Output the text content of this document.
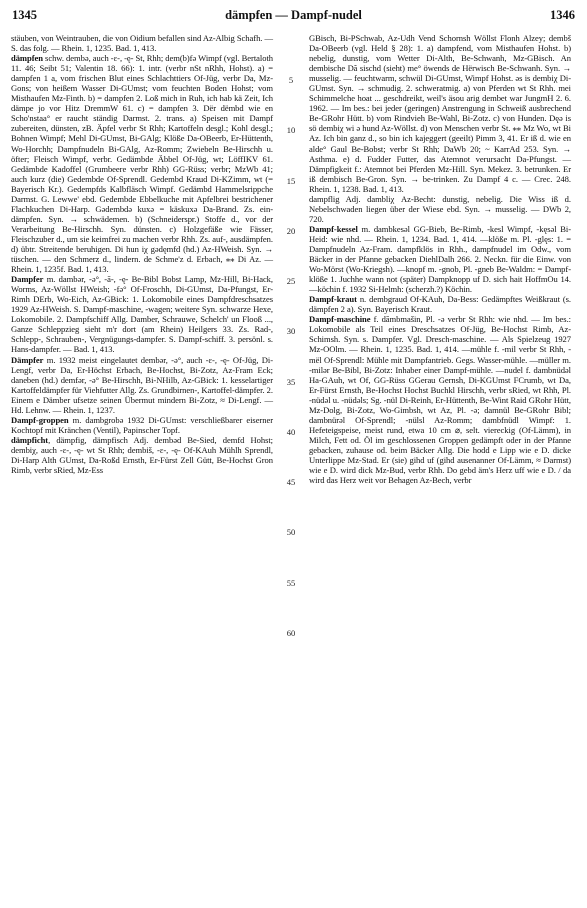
1345	dämpfen — Dampf-nudel	1346

stäuben, von Weintrauben, die von Oidium befallen sind Az-Albig Schafh. — S. das folg. — Rhein. 1, 1235. Bad. 1, 413.

dämpfen schw. dembə, auch -ɛ-, -ę- St, Rhh; dem(b)fə Wimpf (vgl. Bertaloth 11. 46; Seibt 51; Valentin 18. 66): 1. intr. (verbr nSt nRhh, Hohst). a) = dampfen 1 a, vom frischen Blut eines Schlachttiers Of-Jüg, verbr Da, Mz-Gons; von heißem Wasser Di-GUmst; vom feuchten Boden Hohst; vom Misthaufen Mz-Finth. b) = dampfen 2. Loß mich in Ruh, ich hab kä Zeit, Ich dämpe jo vor Hitz DremmW 61. c) = dampfen 3. Dër dëmbd wie en Scho'nstaa° er raucht ständig Darmst. 2. trans. a) Speisen mit Dampf zubereiten, dünsten, zB. Äpfel verbr St Rhh; Kartoffeln desgl.; Kohl desgl.; Bohnen Wimpf; Mehl Di-GUmst, Bi-GAlg; Klöße Da-OBeerb, Er-Hüttenth, Wo-Horchh; Dampfnudeln Bi-GAlg, Az-Romm; Zwiebeln Be-Hirschh u. öfter; Fleisch Wimpf, verbr. Gedämbde Äbbel Of-Jüg, wt; LöffIKV 61. Gedämbde Kadoffel (Grumbeere verbr Rhh) GG-Rüss; verbr; MzWb 41; auch kurz (die) Gedembde Of-Sprendl. Gedembd Kraud Di-KZimm, wt (= Bayerisch Kr.). Gedempfds Kalbfläsch Wimpf. Gedämbd Hammelsrippche Darmst. G. Lewwe' ebd. Gedembde Ebbelkuche mit Apfelbrei bestrichener Flachkuchen Di-Harp. Gədembdə kuxə = käskuxə Da-Brand. Zs. ein-dämpfen. Syn. → schwädemen. b) (Schneiderspr.) Stoffe d., vor der Verarbeitung Be-Hirschh. Syn. dünsten. c) Holzgefäße wie Fässer, Fleischzuber d., um sie keimfrei zu machen verbr Rhh. Zs. auf-, ausdämpfen. d) übtr. Streitende beruhigen. Di hun iχ gədęmfd (hd.) Az-HWeish. Syn. → tüschen. — den Schmerz d., lindern. de Schme'z d. Erbach, ⁎⁎ Di Az. — Rhein. 1, 1235f. Bad. 1, 413.

Dampfer m. dambər, -ə°, -ā-, -ę- Be-Bibl Bobst Lamp, Mz-Hill, Bi-Hack, Worms, Az-Wöllst HWeish; -fə° Of-Froschh, Di-GUmst, Da-Pfungst, Er-Rimh DErb, Wo-Eich, Az-GBick: 1. Lokomobile eines Dampfdreschsatzes 1929 Az-HWeish. S. Dampf-maschine, -wagen; weitere Syn. schwarze Hexe, Lokomobile. 2. Dampfschiff Allg. Damber, Schrauwe, Schelch' un Flooß ..., Ganze Schleppzieg sieht m'r dort (am Rhein) Heilgers 33. Zs. Rad-, Schlepp-, Schrauben-, Vergnügungs-dampfer. S. Dampf-schiff. 3. persönl. s. Hans-dampfer. — Bad. 1, 413.

Dämpfer m. 1932 meist eingelautet dembər, -ə°, auch -ɛ-, -ę- Of-Jüg, Di-Lengf, verbr Da, Er-Höchst Erbach, Be-Hochst, Bi-Zotz, Az-Fram Eck; daneben (hd.) demfər, -ə° Be-Hirschh, Bi-NHilb, Az-GBick: 1. kesselartiger Kartoffeldämpfer für Viehfutter Allg. Zs. Grundbirnen-, Kartoffel-dämpfer. 2. Einem e Dämber ufsetze seinen Übermut mindern Bi-Zotz, ≈ Di-Lengf. — Hd. Lehnw. — Rhein. 1, 1237.

Dampf-groppen m. dambgrobə 1932 Di-GUmst: verschließbarer eiserner Kochtopf mit Kränchen (Ventil), Papinscher Topf.

dämpficht, dämpfig, dämpfisch Adj. dembəd Be-Sied, demfd Hohst; dembiχ, auch -ɛ-, -ę- wt St Rhh; dembiš, -ɛ-, -ę- Of-KAuh Mühlh Sprendl, Di-Harp Alth GUmst, Da-Roßd Ernsth, Er-Fürst Zell Gütt, Be-Hochst Gron Rimb, verbr sRied, Mz-Ess

5
10
15
20
25
30
35
40
45
50
55
60

GBisch, Bi-PSchwab, Az-Udh Vend Schornsh Wöllst Flonh Alzey; dembš Da-OBeerb (vgl. Held § 28): 1. a) dampfend, vom Misthaufen Hohst. b) nebelig, dunstig, vom Wetter Di-Alth, Be-Schwanh, Mz-GBisch. An dembische Dã sischd (sieht) me° öwends de Hërwisch Be-Schwanh. Syn. → musselig. — feuchtwarm, schwül Di-GUmst, Wimpf Hohst. əs is dembiχ Di-GUmst. Syn. → schmudig. 2. schweratmig. a) von Pferden wt St Rhh. mei Schimmelche hoat ... geschdreikt, weil's äsou arig dembet war JungmH 2. 6. 1962. — Im bes.: bei jeder (geringen) Anstrengung in Schweiß ausbrechend Be-GRohr Hütt. b) vom Rindvieh Be-Wahl, Bi-Zotz. c) von Hunden. Dęə is sö dembiχ wi ə hund Az-Wöllst. d) von Menschen verbr St. ⁎⁎ Mz Wo, wt Bi Az. Ich bin ganz d., so bin ich kajeggert (geeilt) Pimm 3, 41. Er iß d. wie en alde° Gaul Be-Bobst; verbr St Rhh; DaWb 20; ~ KarrAd 253. Syn. → Asthma. e) d. Fudder Futter, das Atemnot verursacht Da-Pfungst. — Dämpfigkeit f.: Atemnot bei Pferden Mz-Hill. Syn. Mekez. 3. betrunken. Er iß dembisch Be-Gron. Syn. → be-trinken. Zu Dampf 4 c. — Crec. 248. Rhein. 1, 1238. Bad. 1, 413.

dampflig Adj. dambliχ Az-Becht: dunstig, nebelig. Die Wiss iß d. Nebelschwaden liegen über der Wiese ebd. Syn. → musselig. — DWb 2, 720.

Dampf-kessel m. dambkesəl GG-Bieb, Be-Rimb, -kesl Wimpf, -kęsəl Bi-Heid: wie nhd. — Rhein. 1, 1234. Bad. 1, 414. —klöße m. Pl. -glęs: 1. = Dampfnudeln Az-Fram. dampfklös in Rhh., dampfnudel im Odw., vom Bäcker in der Pfanne gebacken DiehlDalh 266. 2. Neckn. für die Einw. von Wo-Mörst (Wo-Kriegsh). —knopf m. -gnob, Pl. -gneb Be-Waldm: = Dampf-klöße 1. Juchhe wann not (später) Dampknopp uf D. sich hait HoffmOu 14. —köchin f. 1932 Si-Helmh: (scherzh.?) Köchin.

Dampf-kraut n. dembgraud Of-KAuh, Da-Bess: Gedämpftes Weißkraut (s. dämpfen 2 a). Syn. Bayerisch Kraut.

Dampf-maschine f. dāmbmašin, Pl. -ə verbr St Rhh: wie nhd. — Im bes.: Lokomobile als Teil eines Dreschsatzes Of-Jüg, Be-Hochst Rimb, Az-Schimsh. Syn. s. Dampfer. Vgl. Dresch-maschine. — Als Spielzeug 1927 Mz-OOlm. — Rhein. 1, 1235. Bad. 1, 414. —mühle f. -mil verbr St Rhh, -mël Of-Sprendl: Mühle mit Dampfantrieb. Gegs. Wasser-mühle. —müller m. -milər Be-Bibl, Bi-Zotz: Inhaber einer Dampf-mühle. —nudel f. dambnüdəl Ha-GAuh, wt Of, GG-Rüss GGerau Gernsh, Di-KGUmst FCrumb, wt Da, Er-Fürst Ernsth, Be-Hochst Hochst Buchkl Hirschh, verbr sRied, wt Rhh, Pl. -nüdəl u. -nüdəls; Sg. -nül Di-Reinh, Er-Hüttenth, Be-Wint Raid GRohr Hütt, Mz-Dolg, Bi-Zotz, Wo-Gimbsh, wt Az, Pl. -ə; damnül Be-GRohr Bibl; dambnürəl Of-Sprendl; -nülsl Az-Romm; dambfnüdl Wimpf: 1. Hefeteigspeise, meist rund, etwa 10 cm ⌀, selt. viereckig (Of-Lämm), in Milch, Fett od. Öl im geschlossenen Groppen gedämpft oder in der Pfanne gebacken, zuhause od. beim Bäcker Allg. Die hodd e Lipp wie e D. dicke Unterlippe Mz-Stad. Er (sie) gihd uf (gihd ausenanner Of-Lämm, ≈ Darmst) wie e D. wird dick Mz-Bud, verbr Rhh. Do gebd äm's Herz uff wie e D. / da wird das Herz weit vor Behagen Az-Bech, verbr
